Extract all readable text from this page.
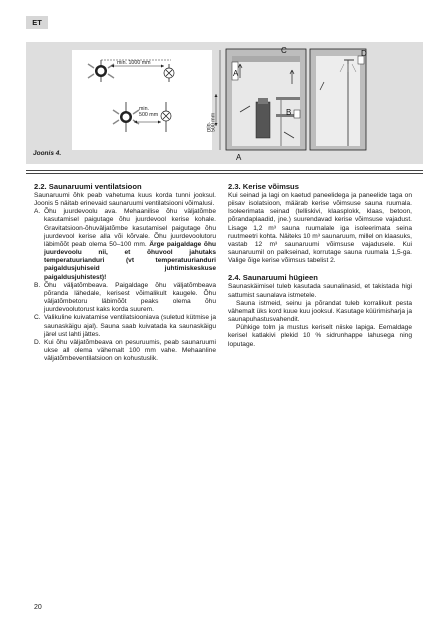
ET
min. 1000 mm
min.
500 mm
min.
500 mm
A
B
C
A
D
Joonis 4.
2.2. Saunaruumi ventilatsioon

Saunaruumi õhk peab vahetuma kuus korda tunni jooksul. Joonis 5 näitab erinevaid saunaruumi ventilatsiooni võimalusi.

A. Õhu juurdevoolu ava. Mehaanilise õhu väljatõmbe kasutamisel paigutage õhu juurdevool kerise kohale. Gravitatsioon-õhuväljatõmbe kasutamisel paigutage õhu juurdevool kerise alla või kõrvale. Õhu juurdevoolutoru läbimõõt peab olema 50–100 mm. Ärge paigaldage õhu juurdevoolu nii, et õhuvool jahutaks temperatuurianduri (vt temperatuurianduri paigaldusjuhiseid juhtimiskeskuse paigaldusjuhistest)!
B. Õhu väljatõmbeava. Paigaldage õhu väljatõmbeava põranda lähedale, kerisest võimalikult kaugele. Õhu väljatõmbetoru läbimõõt peaks olema õhu juurdevoolutorust kaks korda suurem.
C. Valikuline kuivatamise ventilatsiooniava (suletud kütmise ja saunaskäigu ajal). Sauna saab kuivatada ka saunaskäigu järel ust lahti jättes.
D. Kui õhu väljatõmbeava on pesuruumis, peab saunaruumi ukse all olema vähemalt 100 mm vahe. Mehaanline väljatõmbeventilatsioon on kohustuslik.
2.3. Kerise võimsus

Kui seinad ja lagi on kaetud paneelidega ja paneelide taga on piisav isolatsioon, määrab kerise võimsuse sauna ruumala. Isoleerimata seinad (telliskivi, klaasplokk, klaas, betoon, põrandaplaadid, jne.) suurendavad kerise võimsuse vajadust. Lisage 1,2 m³ sauna ruumalale iga isoleerimata seina ruutmeetri kohta. Näiteks 10 m³ saunaruum, millel on klaasuks, vastab 12 m³ saunaruumi võimsuse vajadusele. Kui saunaruumil on palkseinad, korrutage sauna ruumala 1,5-ga. Valige õige kerise võimsus tabelist 2.

2.4. Saunaruumi hügieen

Saunaskäimisel tuleb kasutada saunalinasid, et takistada higi sattumist saunalava istmetele.

Sauna istmeid, seinu ja põrandat tuleb korralikult pesta vähemalt üks kord kuue kuu jooksul. Kasutage küürimisharja ja saunapuhastusvahendit.

Pühkige tolm ja mustus keriselt niiske lapiga. Eemaldage kerisel katlakivi plekid 10 % sidrunhappe lahusega ning loputage.

20
